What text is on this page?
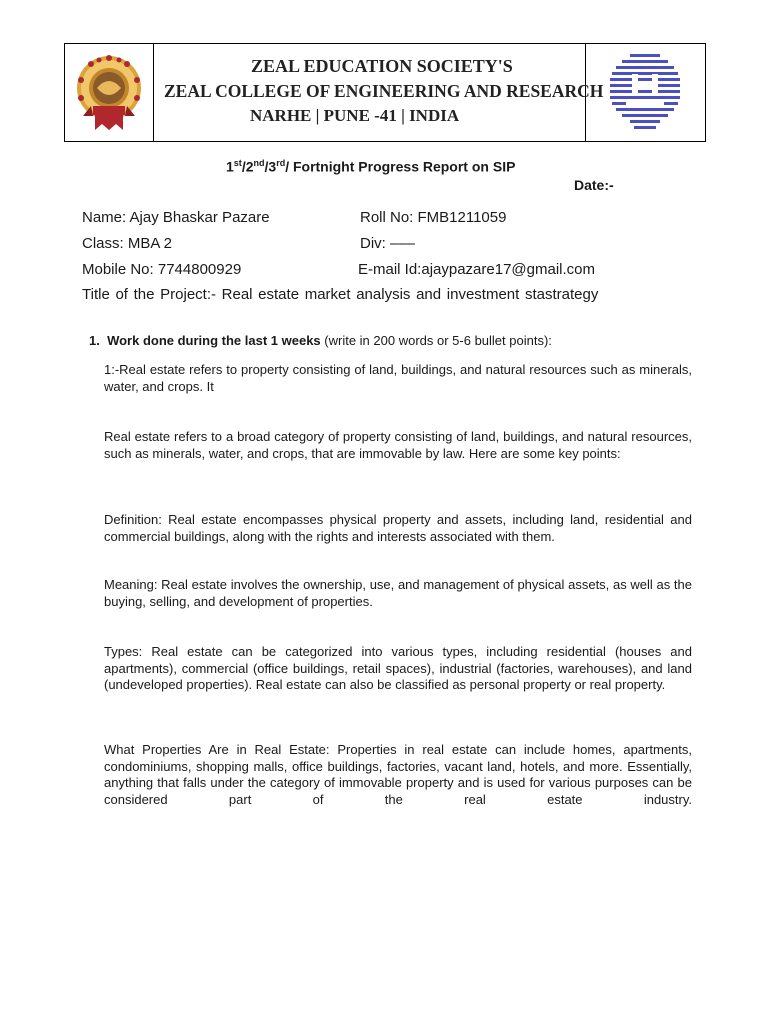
ZEAL EDUCATION SOCIETY'S
ZEAL COLLEGE OF ENGINEERING AND RESEARCH
NARHE | PUNE -41 | INDIA
1st/2nd/3rd/ Fortnight Progress Report on SIP
Date:-
Name: Ajay Bhaskar Pazare	Roll No: FMB1211059
Class: MBA 2	Div: –––
Mobile No: 7744800929	E-mail Id:ajaypazare17@gmail.com
Title of the Project:- Real estate market analysis and investment stastrategy
1. Work done during the last 1 weeks (write in 200 words or 5-6 bullet points):

1:-Real estate refers to property consisting of land, buildings, and natural resources such as minerals, water, and crops. It

Real estate refers to a broad category of property consisting of land, buildings, and natural resources, such as minerals, water, and crops, that are immovable by law. Here are some key points:

Definition: Real estate encompasses physical property and assets, including land, residential and commercial buildings, along with the rights and interests associated with them.

Meaning: Real estate involves the ownership, use, and management of physical assets, as well as the buying, selling, and development of properties.

Types: Real estate can be categorized into various types, including residential (houses and apartments), commercial (office buildings, retail spaces), industrial (factories, warehouses), and land (undeveloped properties). Real estate can also be classified as personal property or real property.

What Properties Are in Real Estate: Properties in real estate can include homes, apartments, condominiums, shopping malls, office buildings, factories, vacant land, hotels, and more. Essentially, anything that falls under the category of immovable property and is used for various purposes can be considered part of the real estate industry.
